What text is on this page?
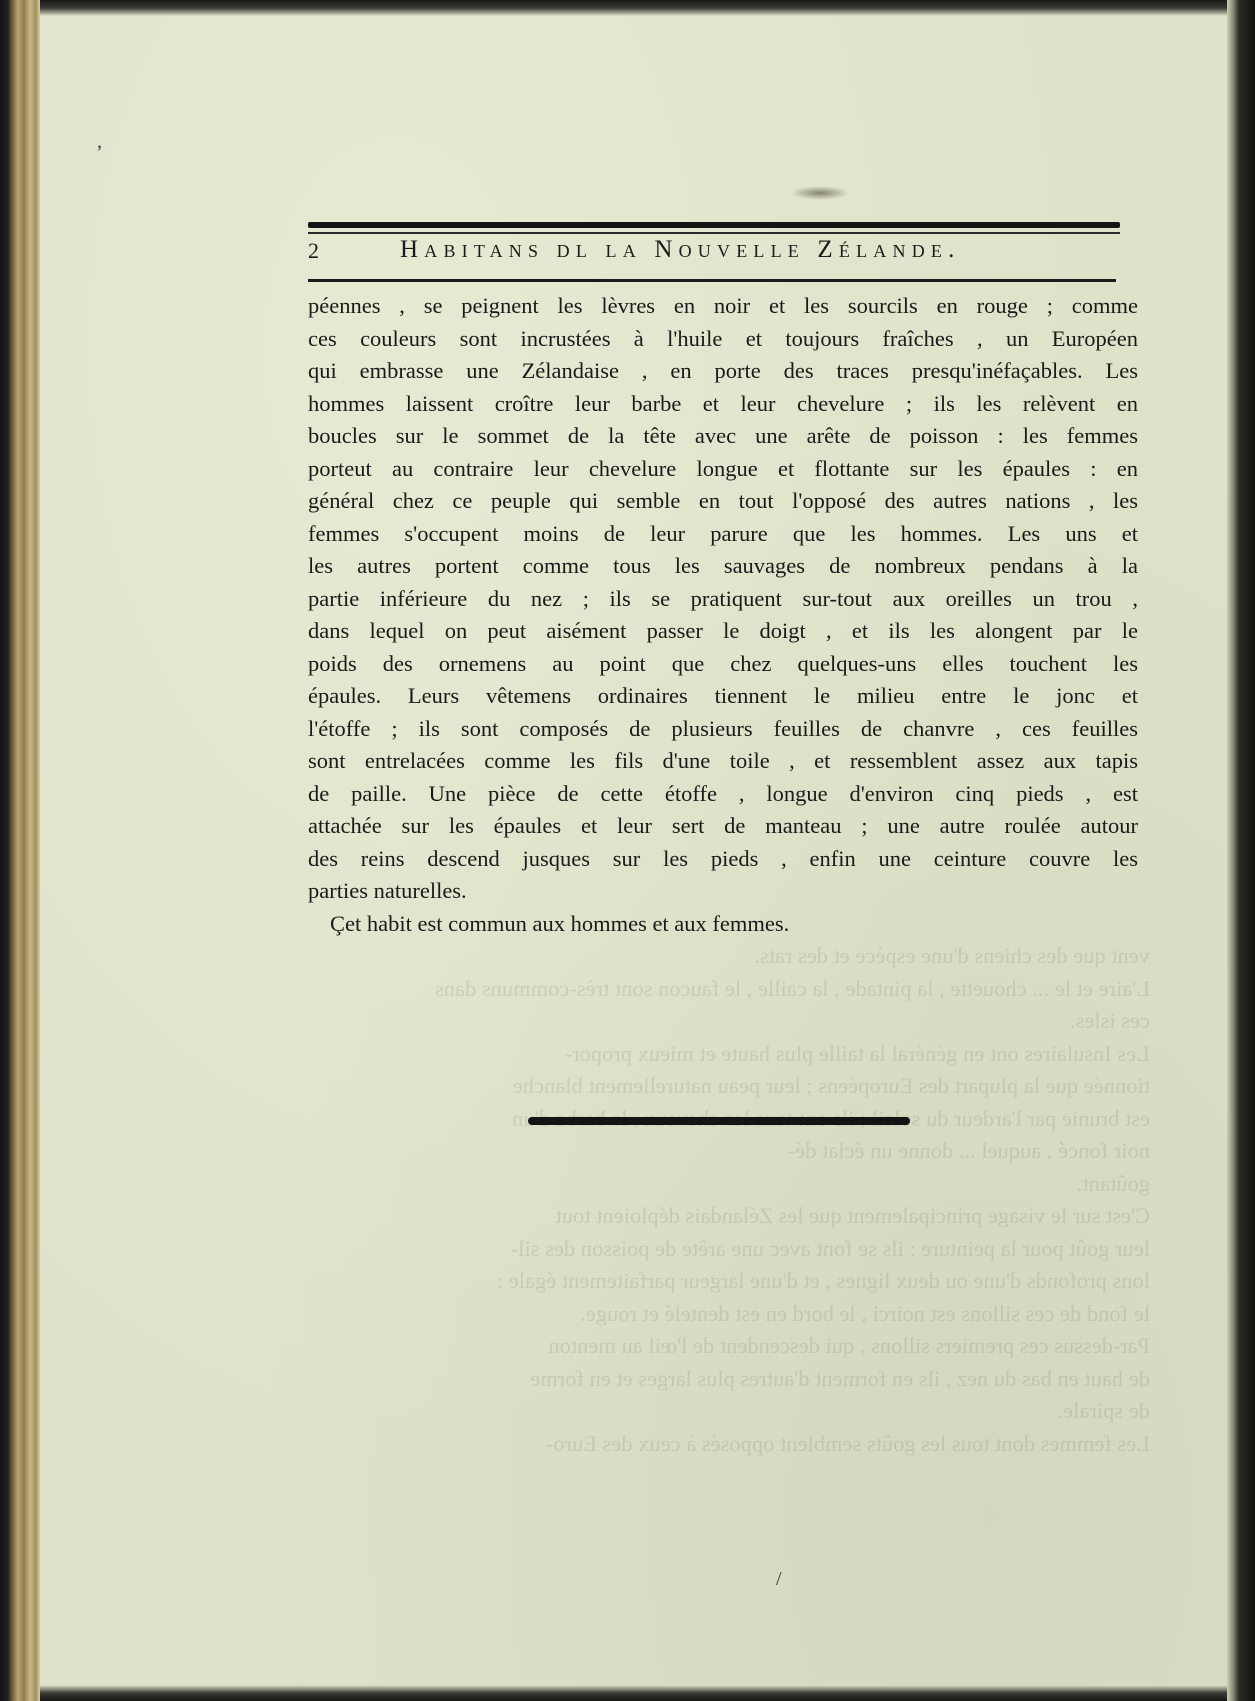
2	Habitans dl la Nouvelle Zélande.
péennes , se peignent les lèvres en noir et les sourcils en rouge ; comme
ces couleurs sont incrustées à l'huile et toujours fraîches , un Européen
qui embrasse une Zélandaise , en porte des traces presqu'inéfaçables. Les
hommes laissent croître leur barbe et leur chevelure ; ils les relèvent en
boucles sur le sommet de la tête avec une arête de poisson : les femmes
porteut au contraire leur chevelure longue et flottante sur les épaules : en
général chez ce peuple qui semble en tout l'opposé des autres nations , les
femmes s'occupent moins de leur parure que les hommes. Les uns et
les autres portent comme tous les sauvages de nombreux pendans à la
partie inférieure du nez ; ils se pratiquent sur-tout aux oreilles un trou ,
dans lequel on peut aisément passer le doigt , et ils les alongent par le
poids des ornemens au point que chez quelques-uns elles touchent les
épaules. Leurs vêtemens ordinaires tiennent le milieu entre le jonc et
l'étoffe ; ils sont composés de plusieurs feuilles de chanvre , ces feuilles
sont entrelacées comme les fils d'une toile , et ressemblent assez aux tapis
de paille. Une pièce de cette étoffe , longue d'environ cinq pieds , est
attachée sur les épaules et leur sert de manteau ; une autre roulée autour
des reins descend jusques sur les pieds , enfin une ceinture couvre les
parties naturelles.
Çet habit est commun aux hommes et aux femmes.
ʼ
/
